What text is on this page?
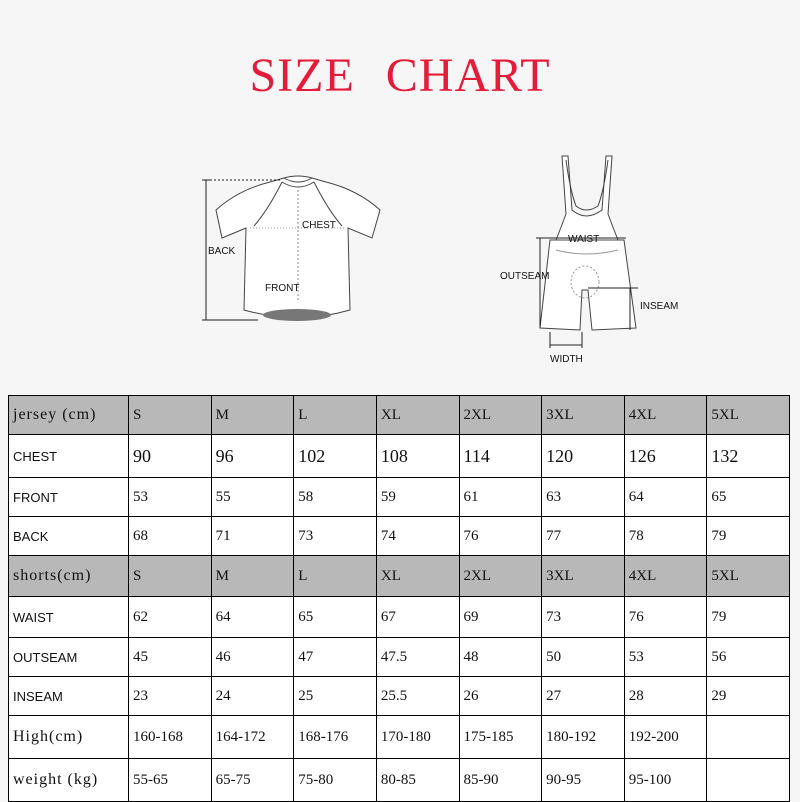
SIZE CHART
BACK
CHEST
FRONT
WAIST
OUTSEAM
INSEAM
WIDTH
jersey (cm)	S	M	L	XL	2XL	3XL	4XL	5XL
CHEST	90	96	102	108	114	120	126	132
FRONT	53	55	58	59	61	63	64	65
BACK	68	71	73	74	76	77	78	79
shorts(cm)	S	M	L	XL	2XL	3XL	4XL	5XL
WAIST	62	64	65	67	69	73	76	79
OUTSEAM	45	46	47	47.5	48	50	53	56
INSEAM	23	24	25	25.5	26	27	28	29
High(cm)	160-168	164-172	168-176	170-180	175-185	180-192	192-200	
weight (kg)	55-65	65-75	75-80	80-85	85-90	90-95	95-100	
